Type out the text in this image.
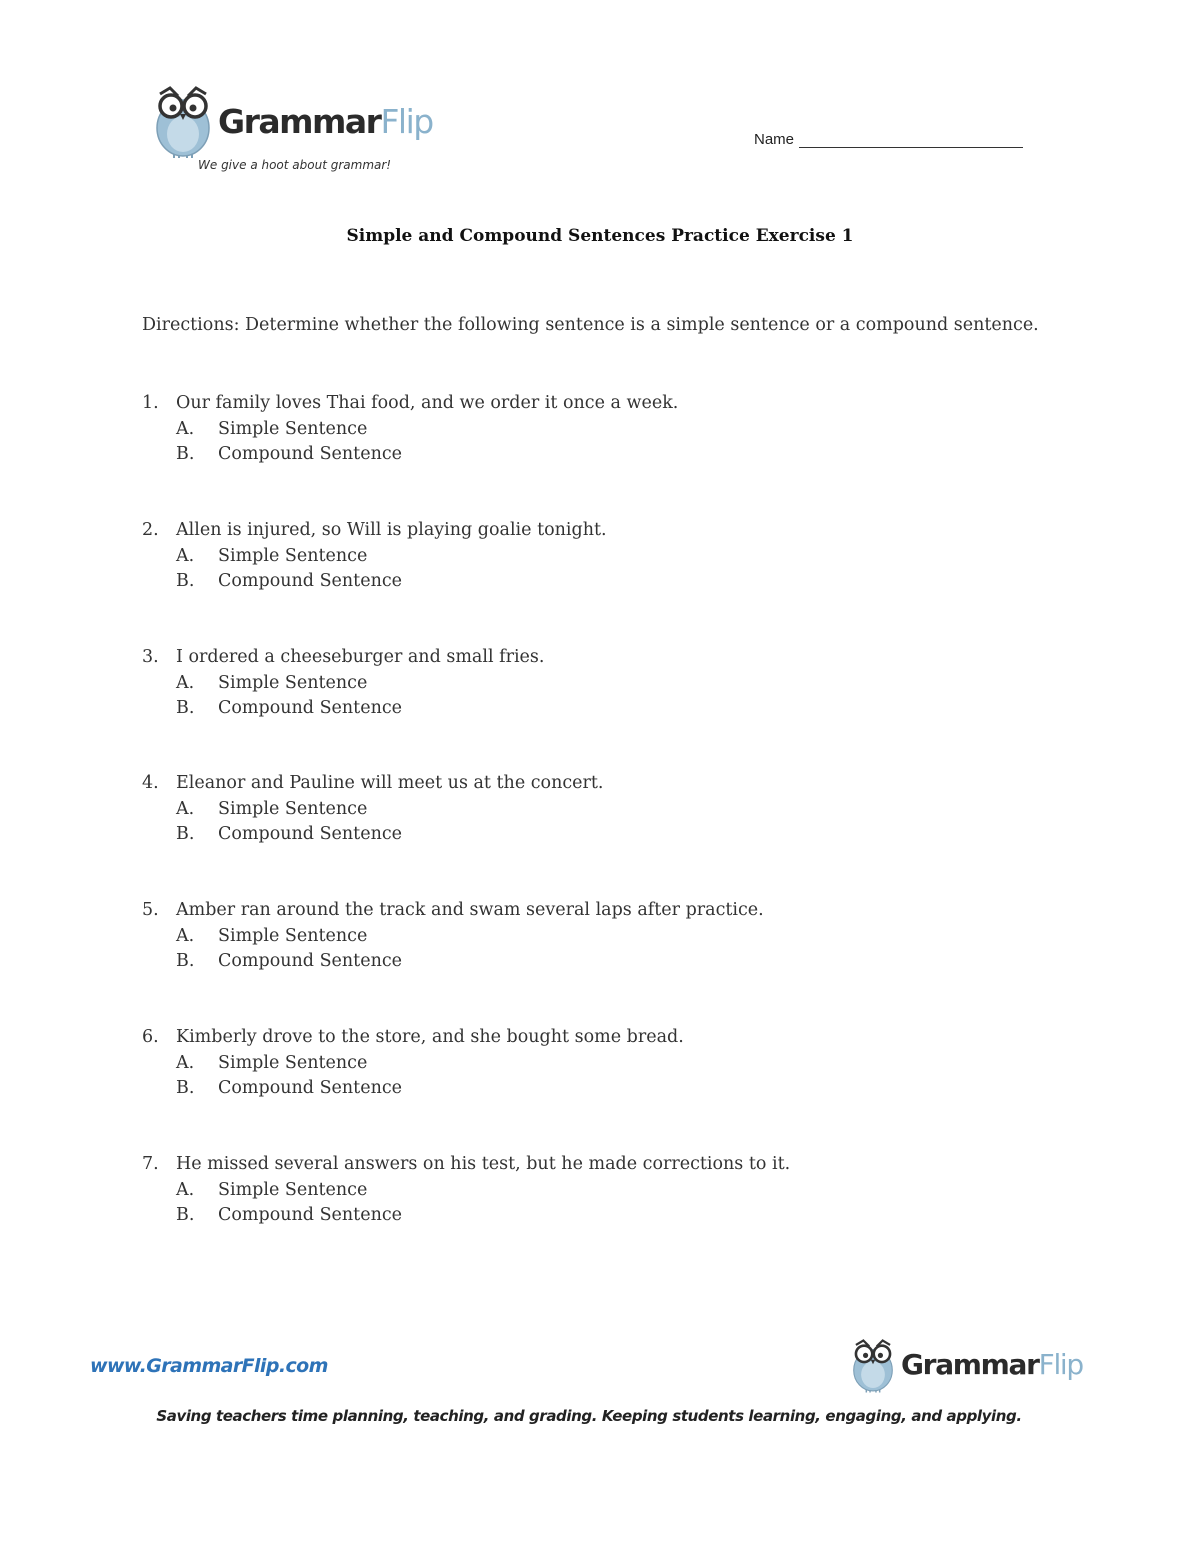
GrammarFlip
We give a hoot about grammar!
Name
Simple and Compound Sentences Practice Exercise 1
Directions: Determine whether the following sentence is a simple sentence or a compound sentence.
1. Our family loves Thai food, and we order it once a week.
A. Simple Sentence
B. Compound Sentence
2. Allen is injured, so Will is playing goalie tonight.
A. Simple Sentence
B. Compound Sentence
3. I ordered a cheeseburger and small fries.
A. Simple Sentence
B. Compound Sentence
4. Eleanor and Pauline will meet us at the concert.
A. Simple Sentence
B. Compound Sentence
5. Amber ran around the track and swam several laps after practice.
A. Simple Sentence
B. Compound Sentence
6. Kimberly drove to the store, and she bought some bread.
A. Simple Sentence
B. Compound Sentence
7. He missed several answers on his test, but he made corrections to it.
A. Simple Sentence
B. Compound Sentence
www.GrammarFlip.com	GrammarFlip
Saving teachers time planning, teaching, and grading. Keeping students learning, engaging, and applying.
